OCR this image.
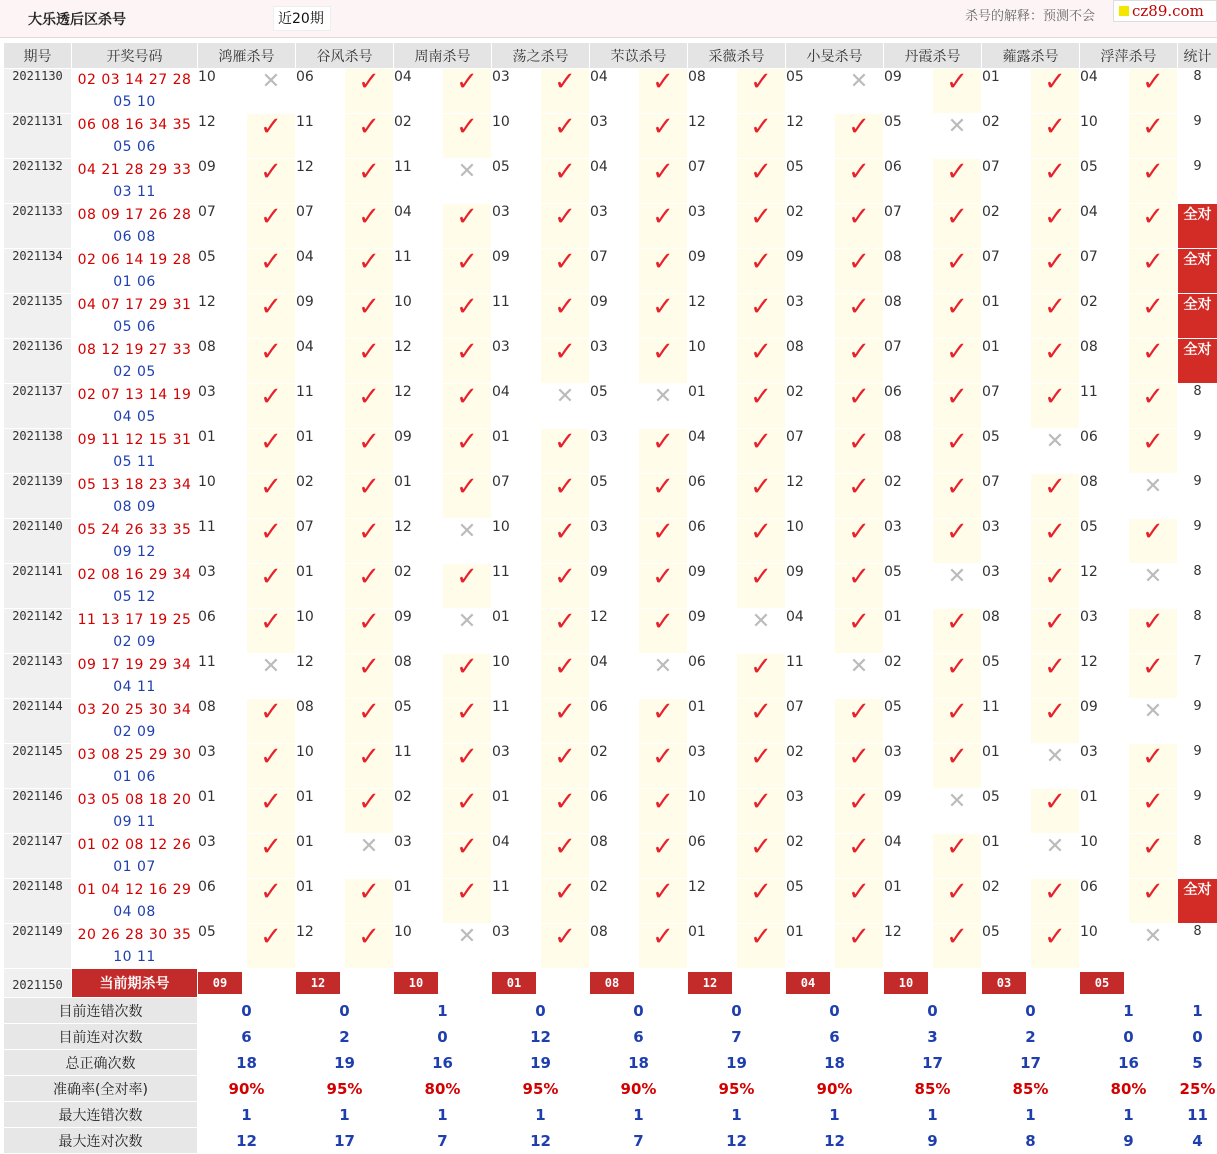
大乐透后区杀号	近20期	杀号的解释：预测不会	cz89.com
期号	开奖号码	鸿雁杀号		谷风杀号		周南杀号		荡之杀号		芣苡杀号		采薇杀号		小旻杀号		丹霞杀号		蕹露杀号		浮萍杀号		统计
2021130	02 03 14 27 28
05 10	10	✕	06	✓	04	✓	03	✓	04	✓	08	✓	05	✕	09	✓	01	✓	04	✓	8
2021131	06 08 16 34 35
05 06	12	✓	11	✓	02	✓	10	✓	03	✓	12	✓	12	✓	05	✕	02	✓	10	✓	9
2021132	04 21 28 29 33
03 11	09	✓	12	✓	11	✕	05	✓	04	✓	07	✓	05	✓	06	✓	07	✓	05	✓	9
2021133	08 09 17 26 28
06 08	07	✓	07	✓	04	✓	03	✓	03	✓	03	✓	02	✓	07	✓	02	✓	04	✓	全对
2021134	02 06 14 19 28
01 06	05	✓	04	✓	11	✓	09	✓	07	✓	09	✓	09	✓	08	✓	07	✓	07	✓	全对
2021135	04 07 17 29 31
05 06	12	✓	09	✓	10	✓	11	✓	09	✓	12	✓	03	✓	08	✓	01	✓	02	✓	全对
2021136	08 12 19 27 33
02 05	08	✓	04	✓	12	✓	03	✓	03	✓	10	✓	08	✓	07	✓	01	✓	08	✓	全对
2021137	02 07 13 14 19
04 05	03	✓	11	✓	12	✓	04	✕	05	✕	01	✓	02	✓	06	✓	07	✓	11	✓	8
2021138	09 11 12 15 31
05 11	01	✓	01	✓	09	✓	01	✓	03	✓	04	✓	07	✓	08	✓	05	✕	06	✓	9
2021139	05 13 18 23 34
08 09	10	✓	02	✓	01	✓	07	✓	05	✓	06	✓	12	✓	02	✓	07	✓	08	✕	9
2021140	05 24 26 33 35
09 12	11	✓	07	✓	12	✕	10	✓	03	✓	06	✓	10	✓	03	✓	03	✓	05	✓	9
2021141	02 08 16 29 34
05 12	03	✓	01	✓	02	✓	11	✓	09	✓	09	✓	09	✓	05	✕	03	✓	12	✕	8
2021142	11 13 17 19 25
02 09	06	✓	10	✓	09	✕	01	✓	12	✓	09	✕	04	✓	01	✓	08	✓	03	✓	8
2021143	09 17 19 29 34
04 11	11	✕	12	✓	08	✓	10	✓	04	✕	06	✓	11	✕	02	✓	05	✓	12	✓	7
2021144	03 20 25 30 34
02 09	08	✓	08	✓	05	✓	11	✓	06	✓	01	✓	07	✓	05	✓	11	✓	09	✕	9
2021145	03 08 25 29 30
01 06	03	✓	10	✓	11	✓	03	✓	02	✓	03	✓	02	✓	03	✓	01	✕	03	✓	9
2021146	03 05 08 18 20
09 11	01	✓	01	✓	02	✓	01	✓	06	✓	10	✓	03	✓	09	✕	05	✓	01	✓	9
2021147	01 02 08 12 26
01 07	03	✓	01	✕	03	✓	04	✓	08	✓	06	✓	02	✓	04	✓	01	✕	10	✓	8
2021148	01 04 12 16 29
04 08	06	✓	01	✓	01	✓	11	✓	02	✓	12	✓	05	✓	01	✓	02	✓	06	✓	全对
2021149	20 26 28 30 35
10 11	05	✓	12	✓	10	✕	03	✓	08	✓	01	✓	01	✓	12	✓	05	✓	10	✕	8
2021150	当前期杀号	09		12		10		01		08		12		04		10		03		05		
目前连错次数		0		0		1		0		0		0		0		0		0		1		1
目前连对次数		6		2		0		12		6		7		6		3		2		0		0
总正确次数		18		19		16		19		18		19		18		17		17		16		5
准确率(全对率)		90%		95%		80%		95%		90%		95%		90%		85%		85%		80%		25%
最大连错次数		1		1		1		1		1		1		1		1		1		1		11
最大连对次数		12		17		7		12		7		12		12		9		8		9		4
